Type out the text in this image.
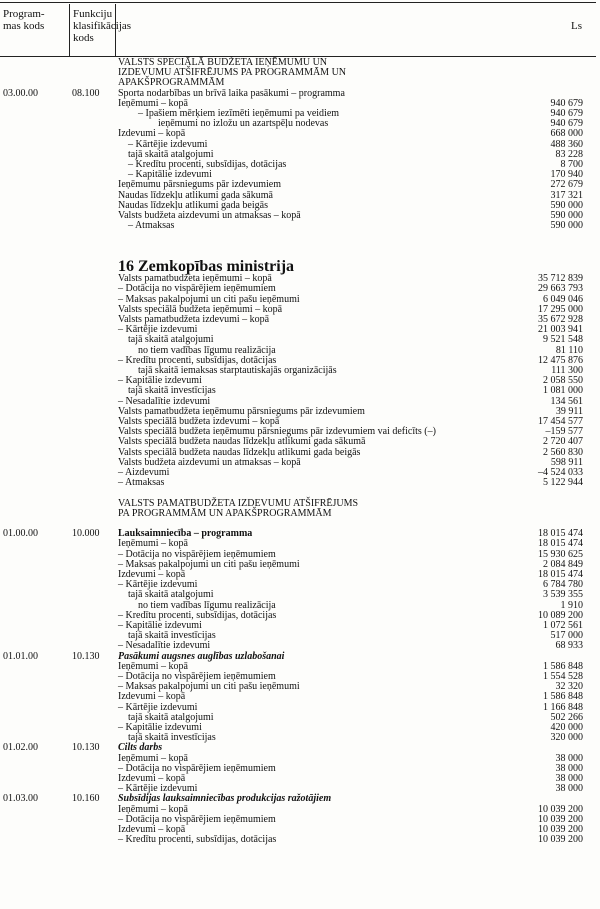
Program-
mas kods
Funkciju
klasifikācijas
kods
Ls
VALSTS SPECIĀLĀ BUDŽETA IEŅĒMUMU UN
IZDEVUMU ATŠIFRĒJUMS PA PROGRAMMĀM UN
APAKŠPROGRAMMĀM
03.00.00	08.100 Sporta nodarbības un brīvā laika pasākumi – programma
Ieņēmumi – kopā	940 679
– Ipašiem mērķiem iezīmēti ieņēmumi pa veidiem	940 679
ieņēmumi no izložu un azartspēļu nodevas	940 679
Izdevumi – kopā	668 000
– Kārtējie izdevumi	488 360
tajā skaitā atalgojumi	83 228
– Kredītu procenti, subsīdijas, dotācijas	8 700
– Kapitālie izdevumi	170 940
Ieņēmumu pārsniegums pār izdevumiem	272 679
Naudas līdzekļu atlikumi gada sākumā	317 321
Naudas līdzekļu atlikumi gada beigās	590 000
Valsts budžeta aizdevumi un atmaksas – kopā	590 000
– Atmaksas	590 000
16 Zemkopības ministrija
Valsts pamatbudžeta ieņēmumi – kopā	35 712 839
– Dotācija no vispārējiem ieņēmumiem	29 663 793
– Maksas pakalpojumi un citi pašu ieņēmumi	6 049 046
Valsts speciālā budžeta ieņēmumi – kopā	17 295 000
Valsts pamatbudžeta izdevumi – kopā	35 672 928
– Kārtējie izdevumi	21 003 941
tajā skaitā atalgojumi	9 521 548
no tiem vadības līgumu realizācija	81 110
– Kredītu procenti, subsīdijas, dotācijas	12 475 876
tajā skaitā iemaksas starptautiskajās organizācijās	111 300
– Kapitālie izdevumi	2 058 550
tajā skaitā investīcijas	1 081 000
– Nesadalītie izdevumi	134 561
Valsts pamatbudžeta ieņēmumu pārsniegums pār izdevumiem	39 911
Valsts speciālā budžeta izdevumi – kopā	17 454 577
Valsts speciālā budžeta ieņēmumu pārsniegums pār izdevumiem vai deficīts (–)	–159 577
Valsts speciālā budžeta naudas līdzekļu atlikumi gada sākumā	2 720 407
Valsts speciālā budžeta naudas līdzekļu atlikumi gada beigās	2 560 830
Valsts budžeta aizdevumi un atmaksas – kopā	598 911
– Aizdevumi	–4 524 033
– Atmaksas	5 122 944
VALSTS PAMATBUDŽETA IZDEVUMU ATŠIFRĒJUMS
PA PROGRAMMĀM UN APAKŠPROGRAMMĀM
01.00.00	10.000 Lauksaimniecība – programma	18 015 474
Ieņēmumi – kopā	18 015 474
– Dotācija no vispārējiem ieņēmumiem	15 930 625
– Maksas pakalpojumi un citi pašu ieņēmumi	2 084 849
Izdevumi – kopā	18 015 474
– Kārtējie izdevumi	6 784 780
tajā skaitā atalgojumi	3 539 355
no tiem vadības līgumu realizācija	1 910
– Kredītu procenti, subsīdijas, dotācijas	10 089 200
– Kapitālie izdevumi	1 072 561
tajā skaitā investīcijas	517 000
– Nesadalītie izdevumi	68 933
01.01.00	10.130 Pasākumi augsnes auglības uzlabošanai
Ieņēmumi – kopā	1 586 848
– Dotācija no vispārējiem ieņēmumiem	1 554 528
– Maksas pakalpojumi un citi pašu ieņēmumi	32 320
Izdevumi – kopā	1 586 848
– Kārtējie izdevumi	1 166 848
tajā skaitā atalgojumi	502 266
– Kapitālie izdevumi	420 000
tajā skaitā investīcijas	320 000
01.02.00	10.130 Cilts darbs
Ieņēmumi – kopā	38 000
– Dotācija no vispārējiem ieņēmumiem	38 000
Izdevumi – kopā	38 000
– Kārtējie izdevumi	38 000
01.03.00	10.160 Subsīdijas lauksaimniecības produkcijas ražotājiem
Ieņēmumi – kopā	10 039 200
– Dotācija no vispārējiem ieņēmumiem	10 039 200
Izdevumi – kopā	10 039 200
– Kredītu procenti, subsīdijas, dotācijas	10 039 200
